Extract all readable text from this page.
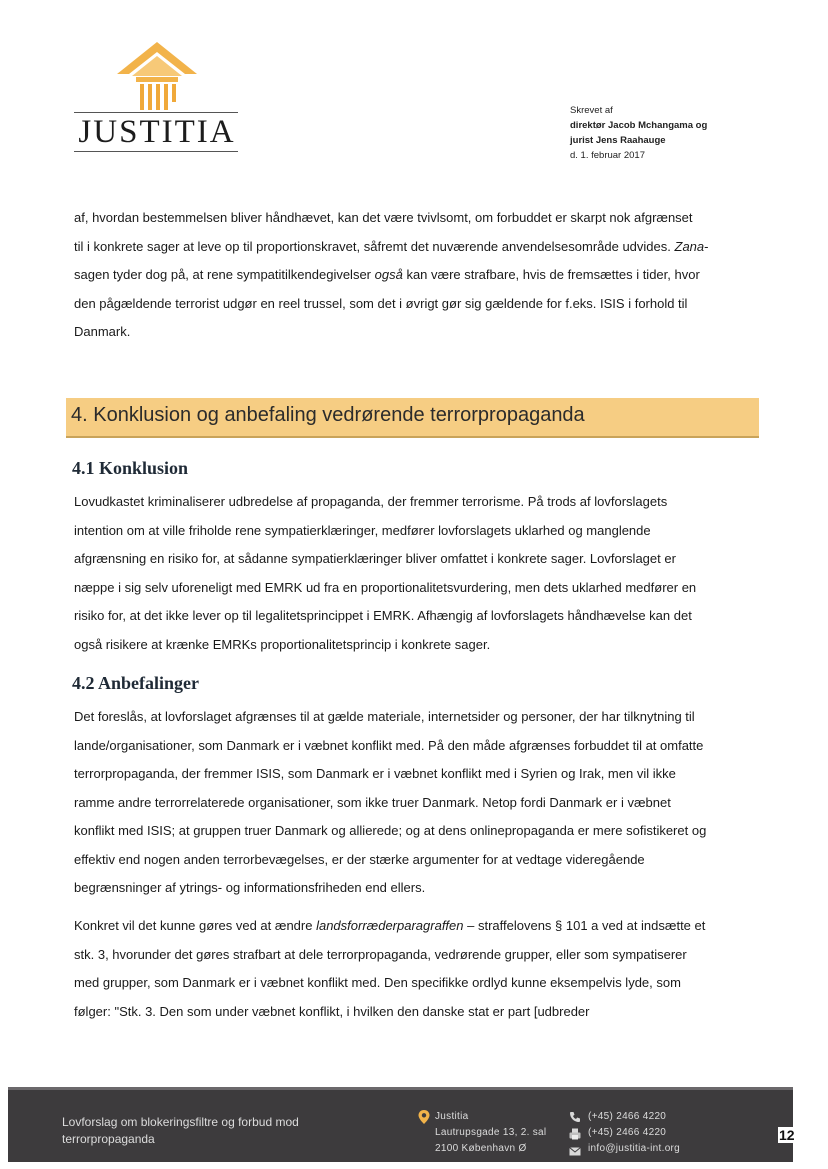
JUSTITIA
Skrevet af
direktør Jacob Mchangama og
jurist Jens Raahauge
d. 1. februar 2017
af, hvordan bestemmelsen bliver håndhævet, kan det være tvivlsomt, om forbuddet er skarpt nok afgrænset
til i konkrete sager at leve op til proportionskravet, såfremt det nuværende anvendelsesområde udvides. Zana-
sagen tyder dog på, at rene sympatitilkendegivelser også kan være strafbare, hvis de fremsættes i tider, hvor
den pågældende terrorist udgør en reel trussel, som det i øvrigt gør sig gældende for f.eks. ISIS i forhold til
Danmark.
4. Konklusion og anbefaling vedrørende terrorpropaganda
4.1 Konklusion
Lovudkastet kriminaliserer udbredelse af propaganda, der fremmer terrorisme. På trods af lovforslagets
intention om at ville friholde rene sympatierklæringer, medfører lovforslagets uklarhed og manglende
afgrænsning en risiko for, at sådanne sympatierklæringer bliver omfattet i konkrete sager. Lovforslaget er
næppe i sig selv uforeneligt med EMRK ud fra en proportionalitetsvurdering, men dets uklarhed medfører en
risiko for, at det ikke lever op til legalitetsprincippet i EMRK. Afhængig af lovforslagets håndhævelse kan det
også risikere at krænke EMRKs proportionalitetsprincip i konkrete sager.
4.2 Anbefalinger
Det foreslås, at lovforslaget afgrænses til at gælde materiale, internetsider og personer, der har tilknytning til
lande/organisationer, som Danmark er i væbnet konflikt med. På den måde afgrænses forbuddet til at omfatte
terrorpropaganda, der fremmer ISIS, som Danmark er i væbnet konflikt med i Syrien og Irak, men vil ikke
ramme andre terrorrelaterede organisationer, som ikke truer Danmark. Netop fordi Danmark er i væbnet
konflikt med ISIS; at gruppen truer Danmark og allierede; og at dens onlinepropaganda er mere sofistikeret og
effektiv end nogen anden terrorbevægelses, er der stærke argumenter for at vedtage videregående
begrænsninger af ytrings- og informationsfriheden end ellers.
Konkret vil det kunne gøres ved at ændre landsforræderparagraffen – straffelovens § 101 a ved at indsætte et
stk. 3, hvorunder det gøres strafbart at dele terrorpropaganda, vedrørende grupper, eller som sympatiserer
med grupper, som Danmark er i væbnet konflikt med. Den specifikke ordlyd kunne eksempelvis lyde, som
følger: "Stk. 3. Den som under væbnet konflikt, i hvilken den danske stat er part [udbreder
Lovforslag om blokeringsfiltre og forbud mod
terrorpropaganda
Justitia
Lautrupsgade 13, 2. sal
2100 København Ø
(+45) 2466 4220
(+45) 2466 4220
info@justitia-int.org
12
